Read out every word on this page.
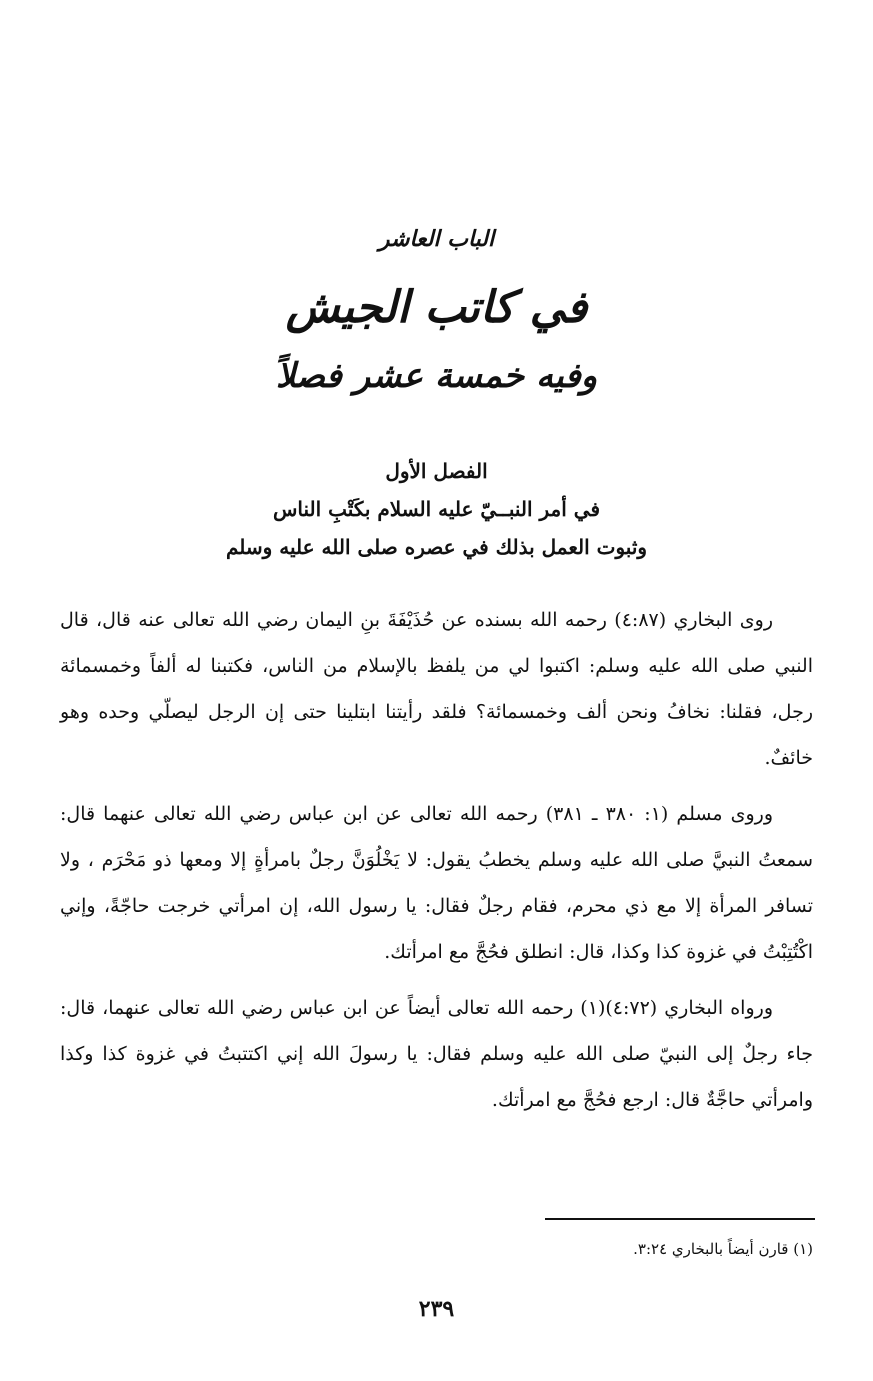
الباب العاشر
في كاتب الجيش
وفيه خمسة عشر فصلاً
الفصل الأول
في أمر النبــيّ عليه السلام بكَتْبِ الناس
وثبوت العمل بذلك في عصره صلى الله عليه وسلم

روى البخاري (٤:٨٧) رحمه الله بسنده عن حُذَيْفَةَ بنِ اليمان رضي الله تعالى عنه قال، قال النبي صلى الله عليه وسلم: اكتبوا لي من يلفظ بالإسلام من الناس، فكتبنا له ألفاً وخمسمائة رجل، فقلنا: نخافُ ونحن ألف وخمسمائة؟ فلقد رأيتنا ابتلينا حتى إن الرجل ليصلّي وحده وهو خائفٌ.

وروى مسلم (١: ٣٨٠ ـ ٣٨١) رحمه الله تعالى عن ابن عباس رضي الله تعالى عنهما قال: سمعتُ النبيَّ صلى الله عليه وسلم يخطبُ يقول: لا يَخْلُوَنَّ رجلٌ بامرأةٍ إلا ومعها ذو مَحْرَم ، ولا تسافر المرأة إلا مع ذي محرم، فقام رجلٌ فقال: يا رسول الله، إن امرأتي خرجت حاجّةً، وإني اكْتُتِبْتُ في غزوة كذا وكذا، قال: انطلق فحُجَّ مع امرأتك.

ورواه البخاري (٤:٧٢)(١) رحمه الله تعالى أيضاً عن ابن عباس رضي الله تعالى عنهما، قال: جاء رجلٌ إلى النبيّ صلى الله عليه وسلم فقال: يا رسولَ الله إني اكتتبتُ في غزوة كذا وكذا وامرأتي حاجَّةٌ قال: ارجع فحُجَّ مع امرأتك.

(١) قارن أيضاً بالبخاري ٣:٢٤.
٢٣٩
